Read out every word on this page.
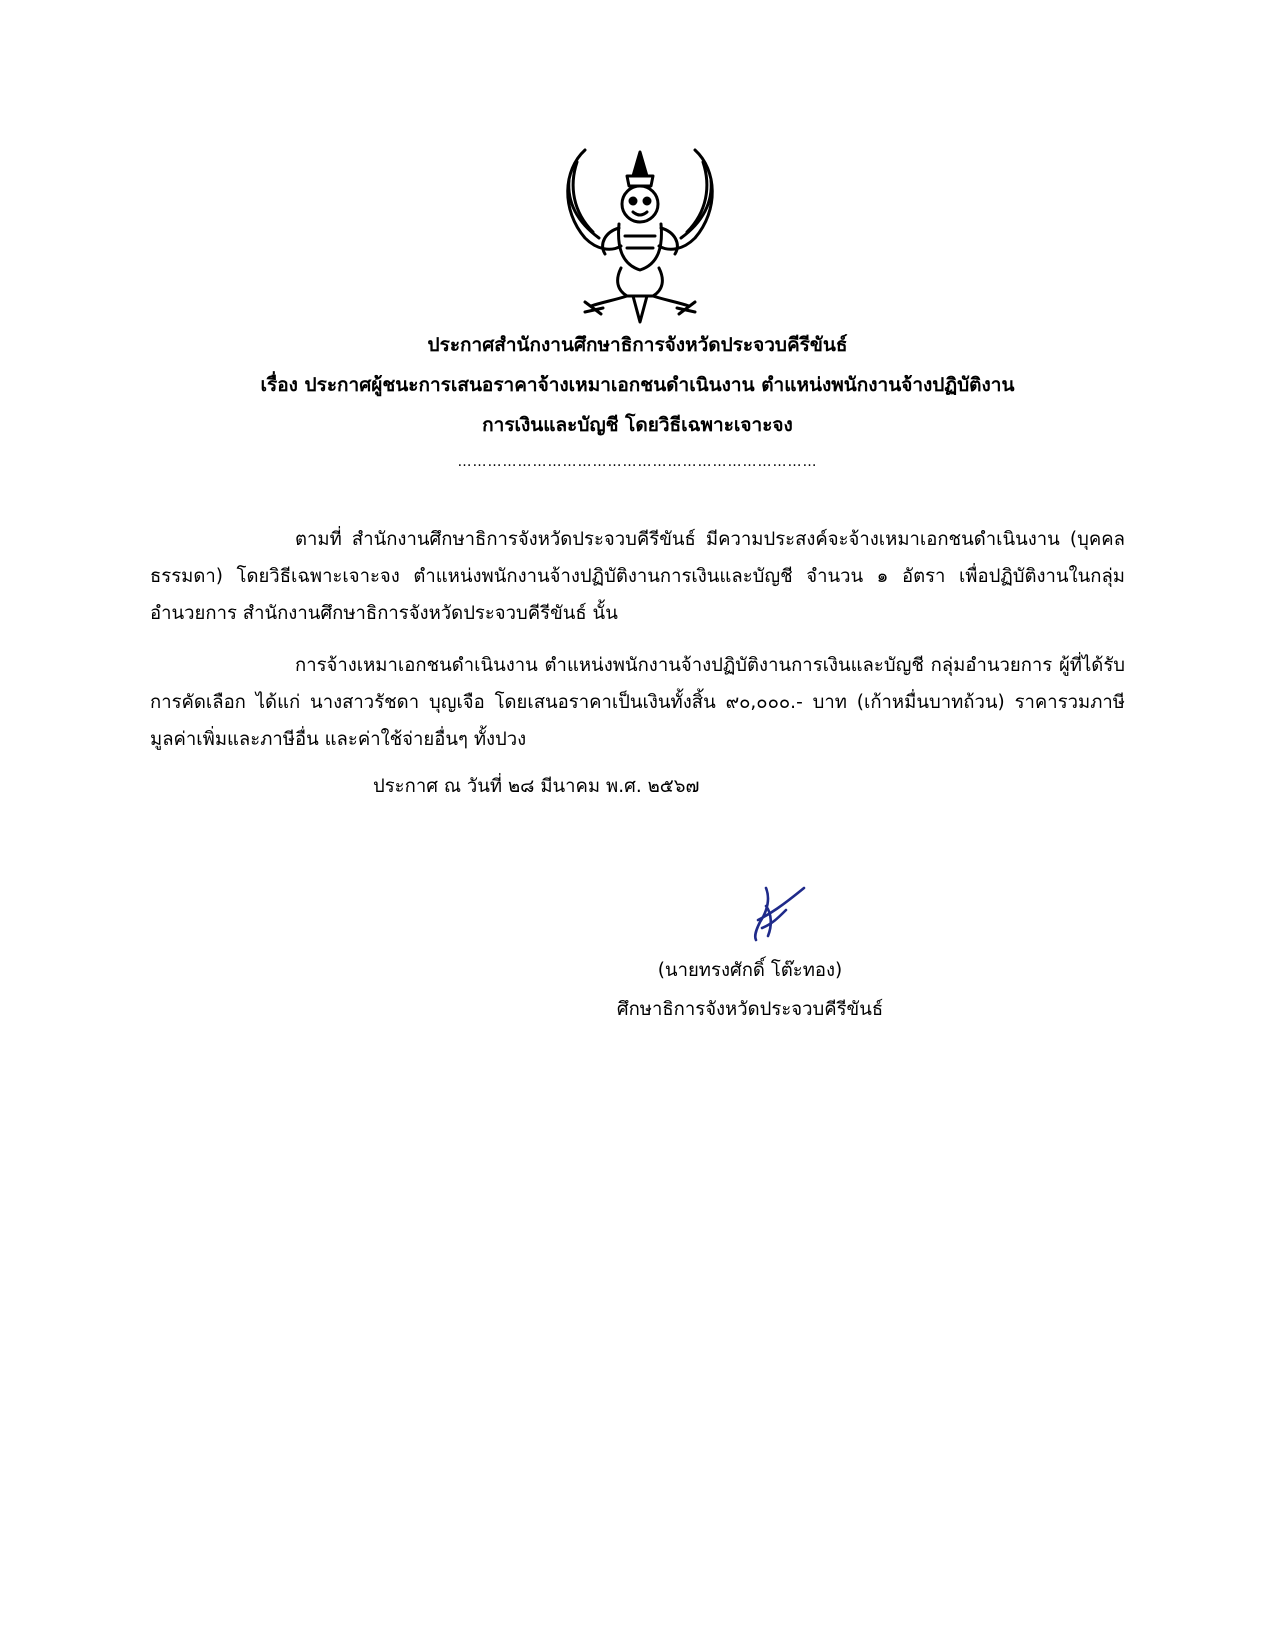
ประกาศสำนักงานศึกษาธิการจังหวัดประจวบคีรีขันธ์
เรื่อง ประกาศผู้ชนะการเสนอราคาจ้างเหมาเอกชนดำเนินงาน ตำแหน่งพนักงานจ้างปฏิบัติงาน
การเงินและบัญชี โดยวิธีเฉพาะเจาะจง
………………………………………………………………
ตามที่ สำนักงานศึกษาธิการจังหวัดประจวบคีรีขันธ์ มีความประสงค์จะจ้างเหมาเอกชนดำเนินงาน (บุคคลธรรมดา) โดยวิธีเฉพาะเจาะจง ตำแหน่งพนักงานจ้างปฏิบัติงานการเงินและบัญชี จำนวน ๑ อัตรา เพื่อปฏิบัติงานในกลุ่มอำนวยการ สำนักงานศึกษาธิการจังหวัดประจวบคีรีขันธ์ นั้น
การจ้างเหมาเอกชนดำเนินงาน ตำแหน่งพนักงานจ้างปฏิบัติงานการเงินและบัญชี กลุ่มอำนวยการ ผู้ที่ได้รับการคัดเลือก ได้แก่ นางสาวรัชดา บุญเจือ โดยเสนอราคาเป็นเงินทั้งสิ้น ๙๐,๐๐๐.- บาท (เก้าหมื่นบาทถ้วน) ราคารวมภาษีมูลค่าเพิ่มและภาษีอื่น และค่าใช้จ่ายอื่นๆ ทั้งปวง
ประกาศ ณ วันที่ ๒๘ มีนาคม พ.ศ. ๒๕๖๗
(นายทรงศักดิ์ โต๊ะทอง)
ศึกษาธิการจังหวัดประจวบคีรีขันธ์
